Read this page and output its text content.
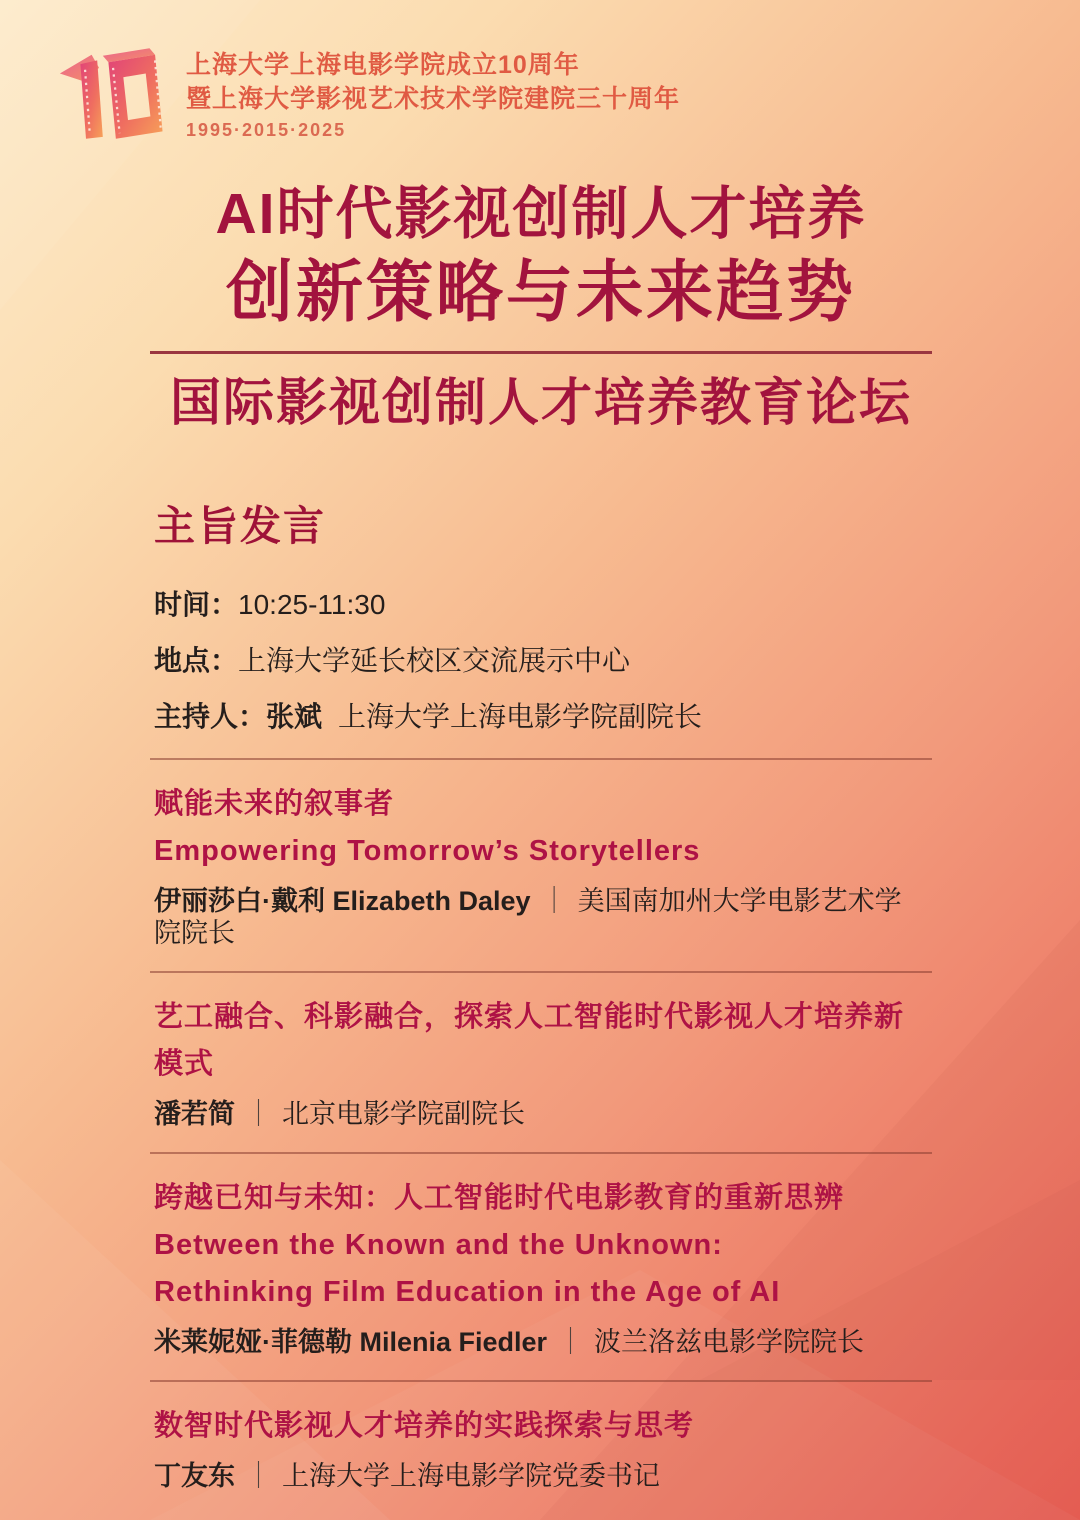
上海大学上海电影学院成立10周年
暨上海大学影视艺术技术学院建院三十周年
1995·2015·2025
AI时代影视创制人才培养
创新策略与未来趋势
国际影视创制人才培养教育论坛
主旨发言
时间：10:25-11:30
地点：上海大学延长校区交流展示中心
主持人：张斌 上海大学上海电影学院副院长
赋能未来的叙事者
Empowering Tomorrow’s Storytellers
伊丽莎白·戴利 Elizabeth Daley ｜ 美国南加州大学电影艺术学院院长
艺工融合、科影融合，探索人工智能时代影视人才培养新模式
潘若简 ｜ 北京电影学院副院长
跨越已知与未知：人工智能时代电影教育的重新思辨
Between the Known and the Unknown:
Rethinking Film Education in the Age of AI
米莱妮娅·菲德勒 Milenia Fiedler ｜ 波兰洛兹电影学院院长
数智时代影视人才培养的实践探索与思考
丁友东 ｜ 上海大学上海电影学院党委书记
